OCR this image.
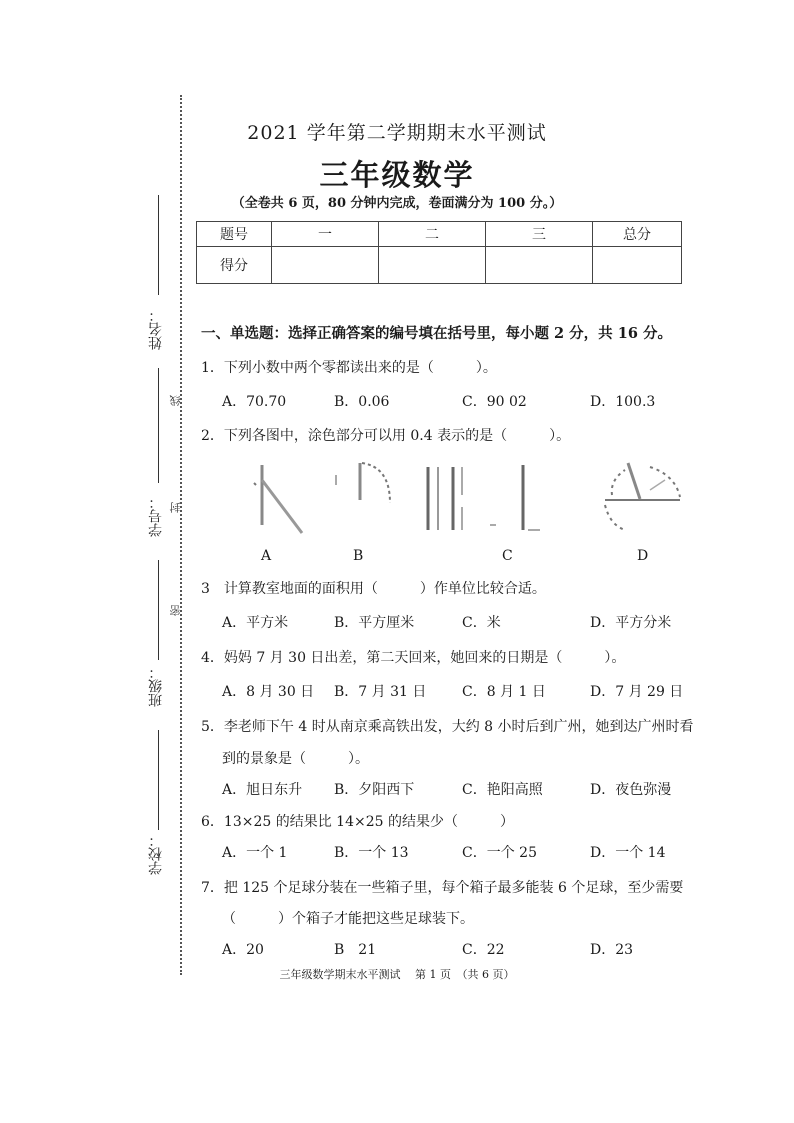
姓名：
学号：
班级：
学校：
线
封
密
2021 学年第二学期期末水平测试
三年级数学
（全卷共 6 页，80 分钟内完成，卷面满分为 100 分。）
题号	一	二	三	总分
得分				
一、单选题：选择正确答案的编号填在括号里，每小题 2 分，共 16 分。
1．下列小数中两个零都读出来的是（　　　）。
A．70.70	B．0.06	C．90 02	D．100.3
2．下列各图中，涂色部分可以用 0.4 表示的是（　　　）。
A	B	C	D
3　计算教室地面的面积用（　　　）作单位比较合适。
A．平方米	B．平方厘米	C．米	D．平方分米
4．妈妈 7 月 30 日出差，第二天回来，她回来的日期是（　　　）。
A．8 月 30 日 B．7 月 31 日	C．8 月 1 日	D．7 月 29 日
5．李老师下午 4 时从南京乘高铁出发，大约 8 小时后到广州，她到达广州时看
到的景象是（　　　）。
A．旭日东升 B．夕阳西下	C．艳阳高照	D．夜色弥漫
6．13×25 的结果比 14×25 的结果少（　　　）
A．一个 1	B．一个 13	C．一个 25	D．一个 14
7．把 125 个足球分装在一些箱子里，每个箱子最多能装 6 个足球，至少需要
（　　　）个箱子才能把这些足球装下。
A．20	B　21	C．22	D．23
三年级数学期末水平测试　 第 1 页　（共 6 页）
